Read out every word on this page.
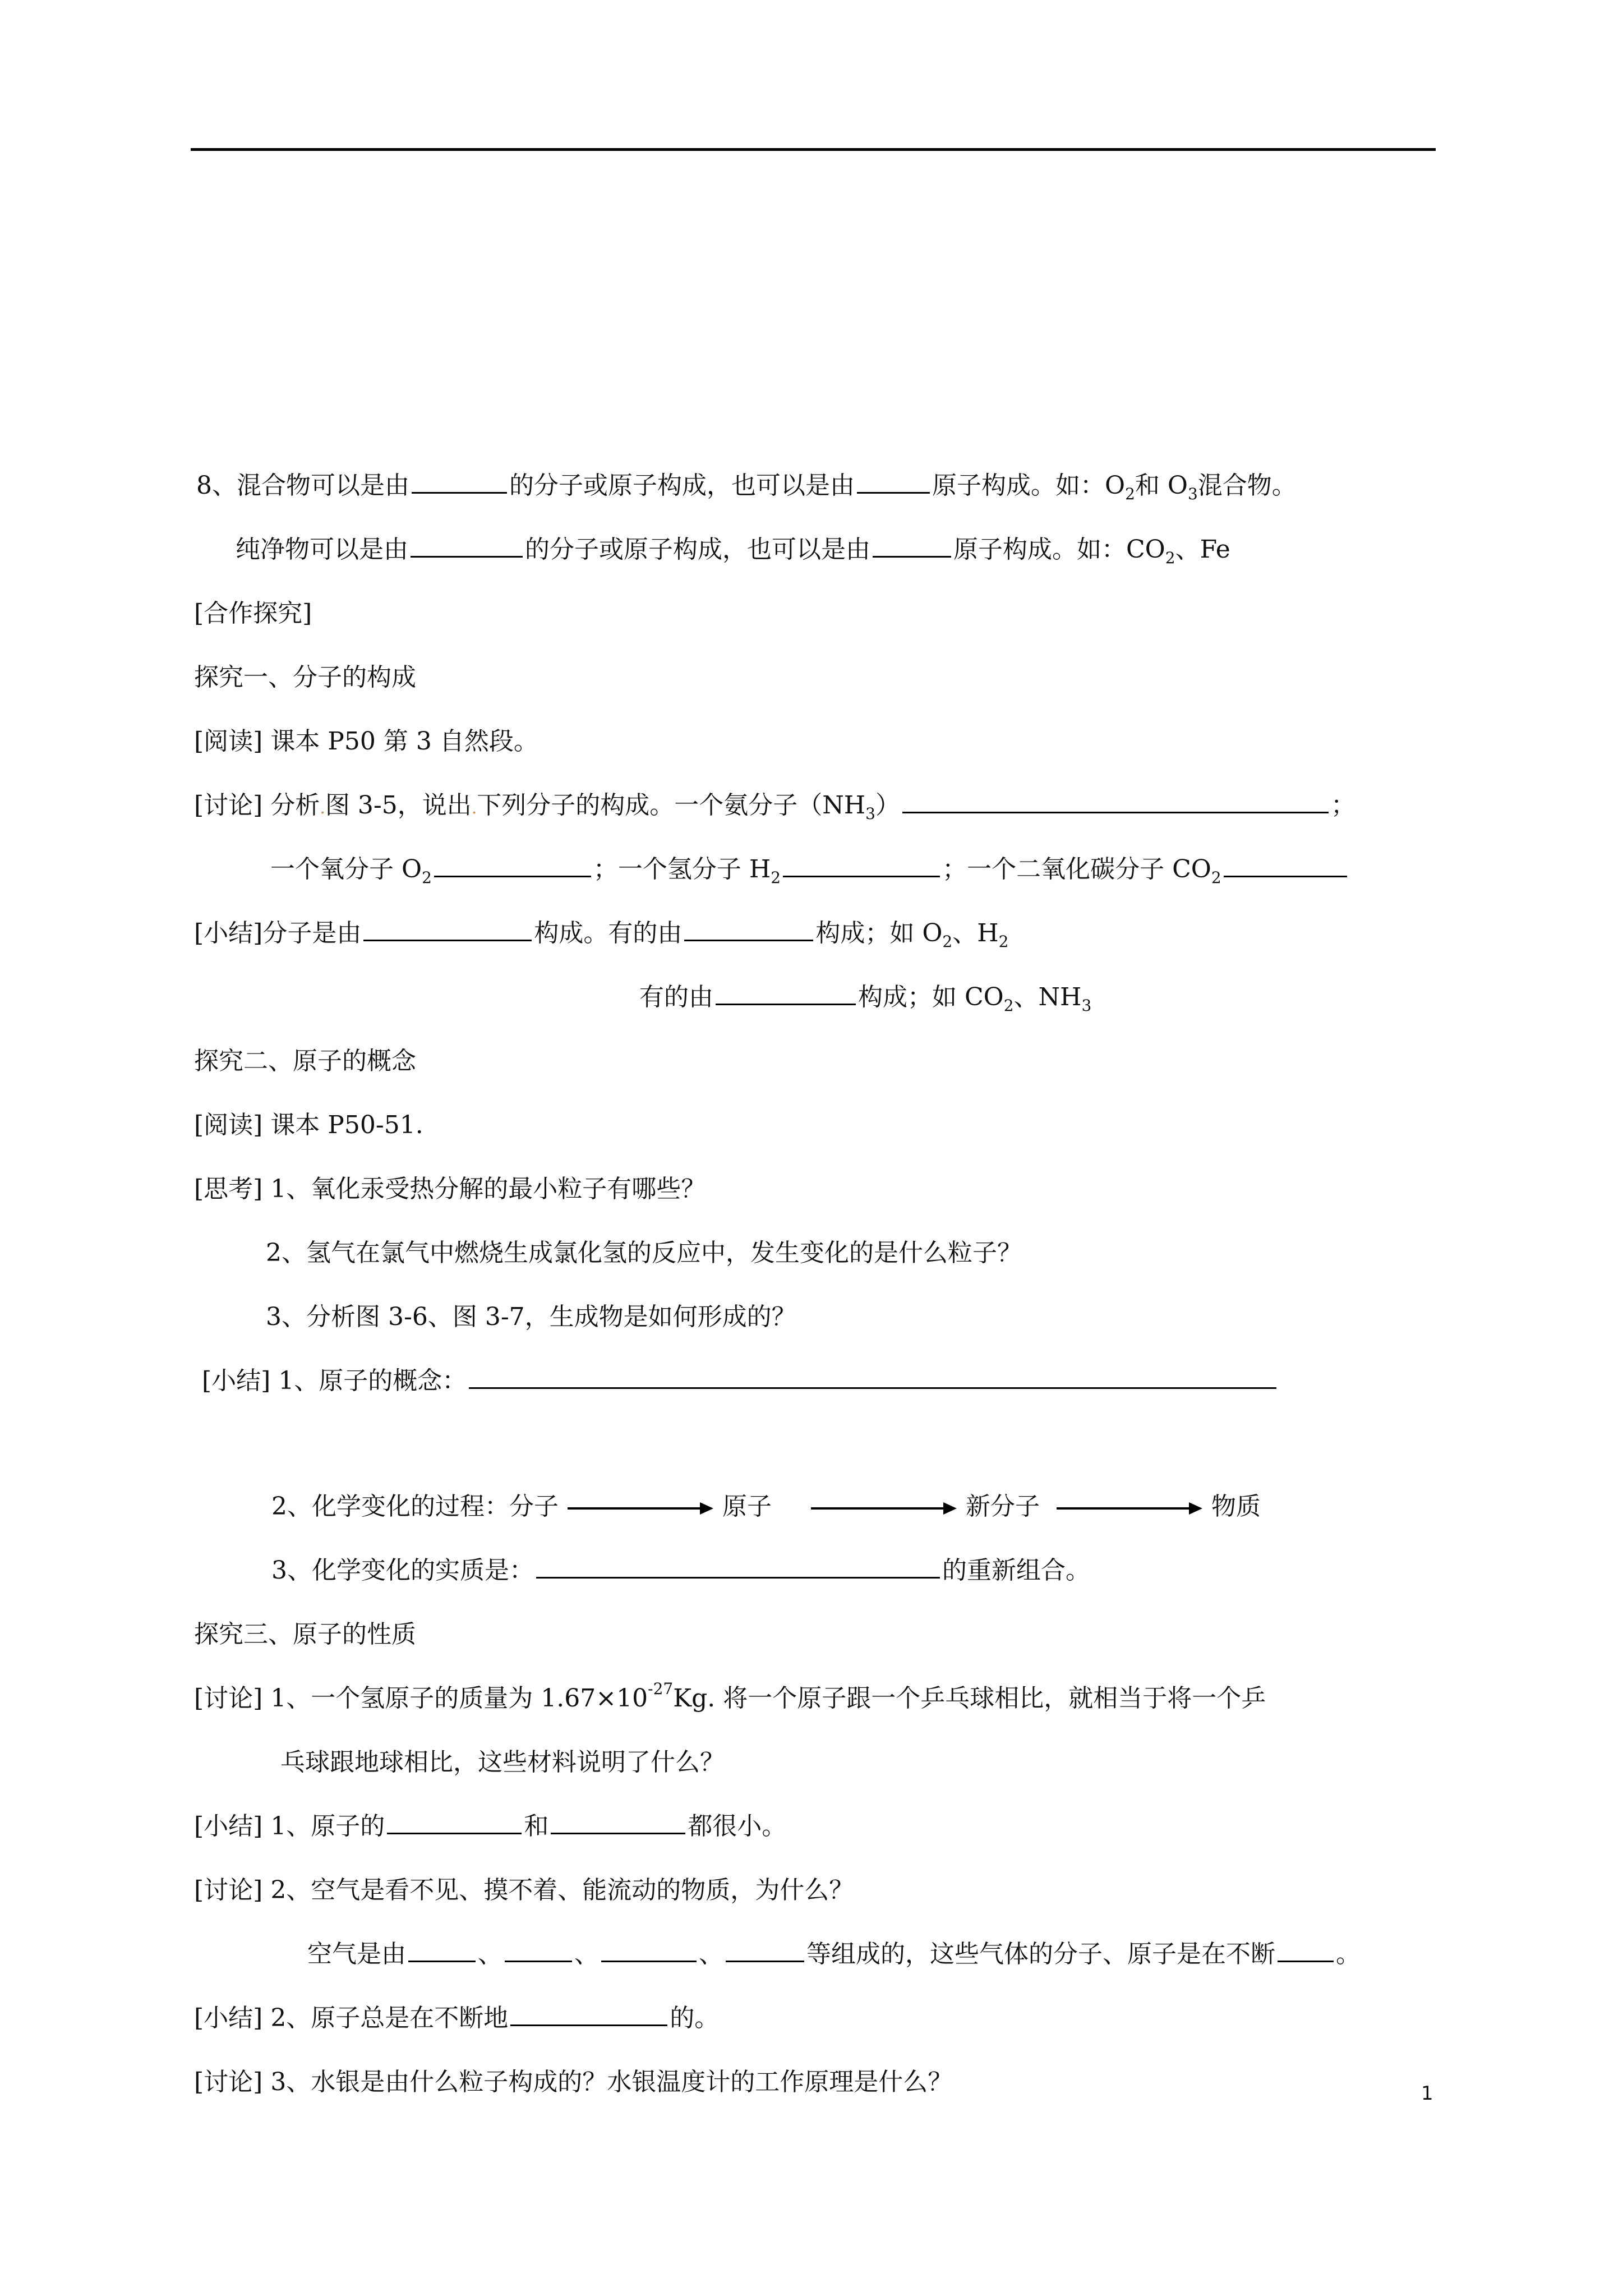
8、混合物可以是由	的分子或原子构成，也可以是由	原子构成。如：$O_2$和 $O_3$混合物。
纯净物可以是由	的分子或原子构成，也可以是由	原子构成。如：$CO_2$、Fe
[合作探究]
探究一、分子的构成
[阅读] 课本 P50 第 3 自然段。
[讨论] 分析.图 3-5，说出.下列分子的构成。一个氨分子$(NH_3)$	；
一个氧分子 $O_2$	；一个氢分子 $H_2$	；一个二氧化碳分子 $CO_2$
[小结]分子是由	构成。有的由	构成；如 $O_2$、$H_2$
有的由	构成；如 $CO_2$、$NH_3$
探究二、原子的概念
[阅读] 课本 P50-51.
[思考] 1、氧化汞受热分解的最小粒子有哪些？
2、氢气在氯气中燃烧生成氯化氢的反应中，发生变化的是什么粒子？
3、分析图 3-6、图 3-7，生成物是如何形成的？
[小结] 1、原子的概念：
2、化学变化的过程：分子	原子	新分子	物质
3、化学变化的实质是：	的重新组合。
探究三、原子的性质
[讨论] 1、一个氢原子的质量为 $1.67\times 10^{-27}Kg$. 将一个原子跟一个乒乓球相比，就相当于将一个乒
乓球跟地球相比，这些材料说明了什么？
[小结] 1、原子的	和	都很小。
[讨论] 2、空气是看不见、摸不着、能流动的物质，为什么？
空气是由	、	、	、	等组成的，这些气体的分子、原子是在不断 。
[小结] 2、原子总是在不断地	的。
[讨论] 3、水银是由什么粒子构成的？水银温度计的工作原理是什么？	1
